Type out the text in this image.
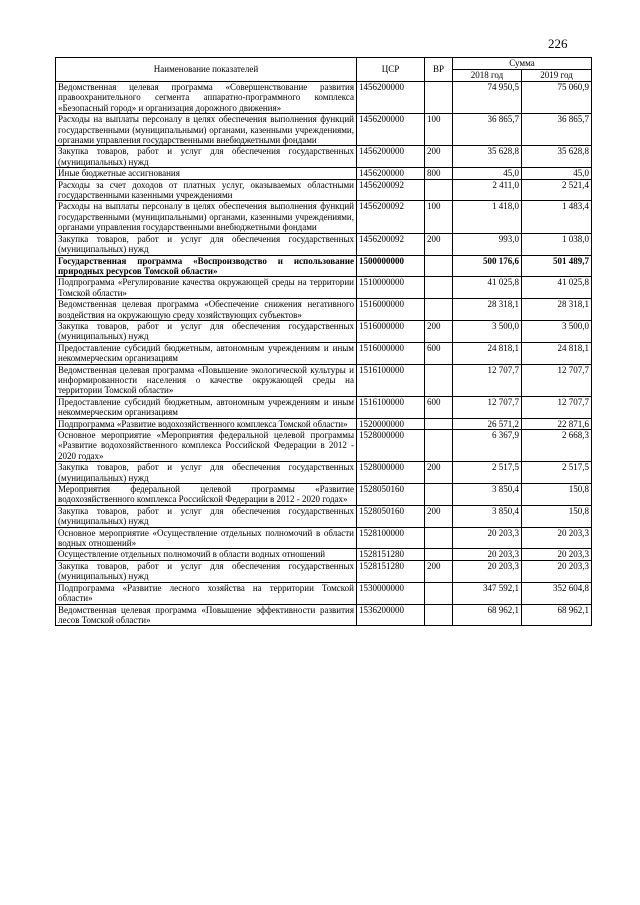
226
Наименование показателей	ЦСР	ВР	Сумма	
			2018 год	2019 год
Ведомственная целевая программа «Совершенствование развития правоохранительного сегмента аппаратно-программного комплекса «Безопасный город» и организация дорожного движения»	1456200000		74 950,5	75 060,9
Расходы на выплаты персоналу в целях обеспечения выполнения функций государственными (муниципальными) органами, казенными учреждениями, органами управления государственными внебюджетными фондами	1456200000	100	36 865,7	36 865,7
Закупка товаров, работ и услуг для обеспечения государственных (муниципальных) нужд	1456200000	200	35 628,8	35 628,8
Иные бюджетные ассигнования	1456200000	800	45,0	45,0
Расходы за счет доходов от платных услуг, оказываемых областными государственными казенными учреждениями	1456200092		2 411,0	2 521,4
Расходы на выплаты персоналу в целях обеспечения выполнения функций государственными (муниципальными) органами, казенными учреждениями, органами управления государственными внебюджетными фондами	1456200092	100	1 418,0	1 483,4
Закупка товаров, работ и услуг для обеспечения государственных (муниципальных) нужд	1456200092	200	993,0	1 038,0
Государственная программа «Воспроизводство и использование природных ресурсов Томской области»	1500000000		500 176,6	501 489,7
Подпрограмма «Регулирование качества окружающей среды на территории Томской области»	1510000000		41 025,8	41 025,8
Ведомственная целевая программа «Обеспечение снижения негативного воздействия на окружающую среду хозяйствующих субъектов»	1516000000		28 318,1	28 318,1
Закупка товаров, работ и услуг для обеспечения государственных (муниципальных) нужд	1516000000	200	3 500,0	3 500,0
Предоставление субсидий бюджетным, автономным учреждениям и иным некоммерческим организациям	1516000000	600	24 818,1	24 818,1
Ведомственная целевая программа «Повышение экологической культуры и информированности населения о качестве окружающей среды на территории Томской области»	1516100000		12 707,7	12 707,7
Предоставление субсидий бюджетным, автономным учреждениям и иным некоммерческим организациям	1516100000	600	12 707,7	12 707,7
Подпрограмма «Развитие водохозяйственного комплекса Томской области»	1520000000		26 571,2	22 871,6
Основное мероприятие «Мероприятия федеральной целевой программы «Развитие водохозяйственного комплекса Российской Федерации в 2012 - 2020 годах»	1528000000		6 367,9	2 668,3
Закупка товаров, работ и услуг для обеспечения государственных (муниципальных) нужд	1528000000	200	2 517,5	2 517,5
Мероприятия федеральной целевой программы «Развитие водохозяйственного комплекса Российской Федерации в 2012 - 2020 годах»	1528050160		3 850,4	150,8
Закупка товаров, работ и услуг для обеспечения государственных (муниципальных) нужд	1528050160	200	3 850,4	150,8
Основное мероприятие «Осуществление отдельных полномочий в области водных отношений»	1528100000		20 203,3	20 203,3
Осуществление отдельных полномочий в области водных отношений	1528151280		20 203,3	20 203,3
Закупка товаров, работ и услуг для обеспечения государственных (муниципальных) нужд	1528151280	200	20 203,3	20 203,3
Подпрограмма «Развитие лесного хозяйства на территории Томской области»	1530000000		347 592,1	352 604,8
Ведомственная целевая программа «Повышение эффективности развития лесов Томской области»	1536200000		68 962,1	68 962,1
